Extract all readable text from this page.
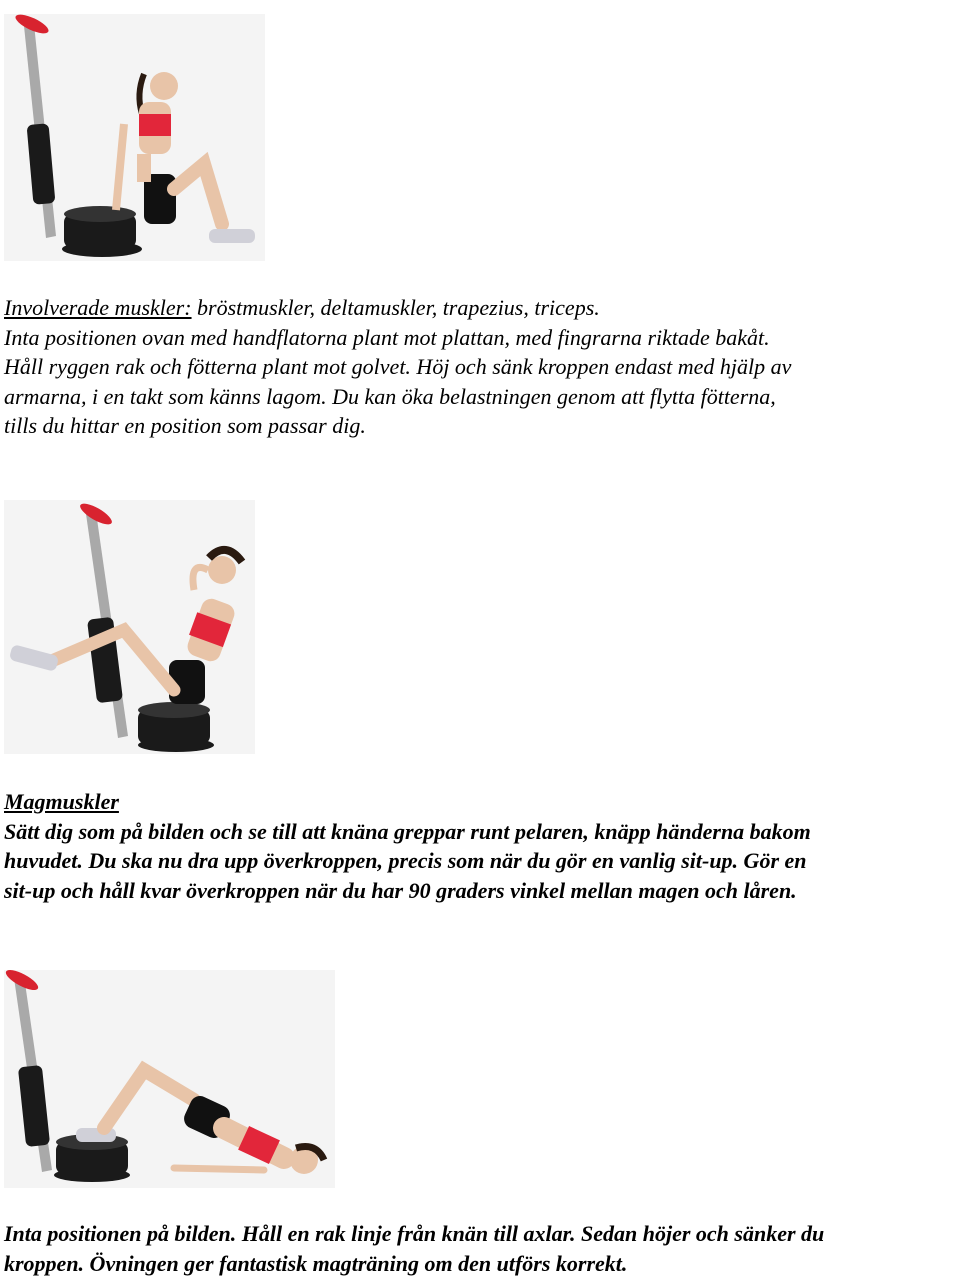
Involverade muskler: bröstmuskler, deltamuskler, trapezius, triceps.
Inta positionen ovan med handflatorna plant mot plattan, med fingrarna riktade bakåt.
Håll ryggen rak och fötterna plant mot golvet. Höj och sänk kroppen endast med hjälp av
armarna, i en takt som känns lagom. Du kan öka belastningen genom att flytta fötterna,
tills du hittar en position som passar dig.
Magmuskler
Sätt dig som på bilden och se till att knäna greppar runt pelaren, knäpp händerna bakom
huvudet. Du ska nu dra upp överkroppen, precis som när du gör en vanlig sit-up. Gör en
sit-up och håll kvar överkroppen när du har 90 graders vinkel mellan magen och låren.
Inta positionen på bilden. Håll en rak linje från knän till axlar. Sedan höjer och sänker du
kroppen. Övningen ger fantastisk magträning om den utförs korrekt.
